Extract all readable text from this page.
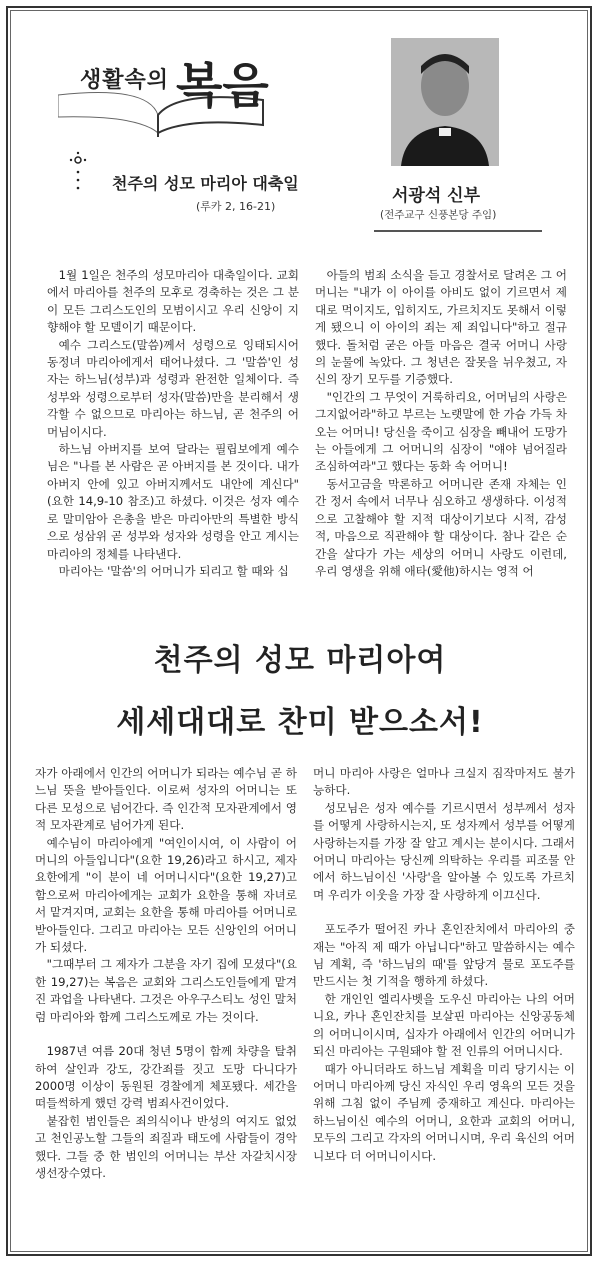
생활속의 복음
천주의 성모 마리아 대축일
(루카 2, 16-21)
서광석 신부
(전주교구 신풍본당 주임)

1월 1일은 천주의 성모마리아 대축일이다. 교회에서 마리아를 천주의 모후로 경축하는 것은 그 분이 모든 그리스도인의 모범이시고 우리 신앙이 지향해야 할 모델이기 때문이다.

예수 그리스도(말씀)께서 성령으로 잉태되시어 동정녀 마리아에게서 태어나셨다. 그 '말씀'인 성자는 하느님(성부)과 성령과 완전한 일체이다. 즉 성부와 성령으로부터 성자(말씀)만을 분리해서 생각할 수 없으므로 마리아는 하느님, 곧 천주의 어머님이시다.

하느님 아버지를 보여 달라는 필립보에게 예수님은 "나를 본 사람은 곧 아버지를 본 것이다. 내가 아버지 안에 있고 아버지께서도 내안에 계신다"(요한 14,9-10 참조)고 하셨다. 이것은 성자 예수로 말미암아 은총을 받은 마리아만의 특별한 방식으로 성삼위 곧 성부와 성자와 성령을 안고 계시는 마리아의 정체를 나타낸다.

마리아는 '말씀'의 어머니가 되리고 할 때와 십

아들의 범죄 소식을 듣고 경찰서로 달려온 그 어머니는 "내가 이 아이를 아비도 없이 기르면서 제대로 먹이지도, 입히지도, 가르치지도 못해서 이렇게 됐으니 이 아이의 죄는 제 죄입니다"하고 절규했다. 돌처럼 굳은 아들 마음은 결국 어머니 사랑의 눈물에 녹았다. 그 청년은 잘못을 뉘우쳤고, 자신의 장기 모두를 기증했다.

"인간의 그 무엇이 거룩하리요, 어머님의 사랑은 그지없어라"하고 부르는 노랫말에 한 가슴 가득 차오는 어머니! 당신을 죽이고 심장을 빼내어 도망가는 아들에게 그 어머니의 심장이 "얘야 넘어질라 조심하여라"고 했다는 동화 속 어머니!

동서고금을 막론하고 어머니란 존재 자체는 인간 정서 속에서 너무나 심오하고 생생하다. 이성적으로 고찰해야 할 지적 대상이기보다 시적, 감성적, 마음으로 직관해야 할 대상이다. 참나 같은 순간을 살다가 가는 세상의 어머니 사랑도 이런데, 우리 영생을 위해 애타(愛他)하시는 영적 어

천주의 성모 마리아여
세세대대로 찬미 받으소서!

자가 아래에서 인간의 어머니가 되라는 예수님 곧 하느님 뜻을 받아들인다. 이로써 성자의 어머니는 또 다른 모성으로 넘어간다. 즉 인간적 모자관계에서 영적 모자관계로 넘어가게 된다.

예수님이 마리아에게 "여인이시여, 이 사람이 어머니의 아들입니다"(요한 19,26)라고 하시고, 제자 요한에게 "이 분이 네 어머니시다"(요한 19,27)고 함으로써 마리아에게는 교회가 요한을 통해 자녀로서 맡겨지며, 교회는 요한을 통해 마리아를 어머니로 받아들인다. 그리고 마리아는 모든 신앙인의 어머니가 되셨다.

"그때부터 그 제자가 그분을 자기 집에 모셨다"(요한 19,27)는 복음은 교회와 그리스도인들에게 맡겨진 과업을 나타낸다. 그것은 아우구스티노 성인 말처럼 마리아와 함께 그리스도께로 가는 것이다.

1987년 여름 20대 청년 5명이 함께 차량을 탈취하여 살인과 강도, 강간죄를 짓고 도망 다니다가 2000명 이상이 동원된 경찰에게 체포됐다. 세간을 떠들썩하게 했던 강력 범죄사건이었다.

붙잡힌 범인들은 죄의식이나 반성의 여지도 없었고 천인공노할 그들의 죄질과 태도에 사람들이 경악했다. 그들 중 한 범인의 어머니는 부산 자갈치시장 생선장수였다.

머니 마리아 사랑은 얼마나 크실지 짐작마저도 불가능하다.

성모님은 성자 예수를 기르시면서 성부께서 성자를 어떻게 사랑하시는지, 또 성자께서 성부를 어떻게 사랑하는지를 가장 잘 알고 계시는 분이시다. 그래서 어머니 마리아는 당신께 의탁하는 우리를 피조물 안에서 하느님이신 '사랑'을 알아볼 수 있도록 가르치며 우리가 이웃을 가장 잘 사랑하게 이끄신다.

포도주가 떨어진 카나 혼인잔치에서 마리아의 중재는 "아직 제 때가 아닙니다"하고 말씀하시는 예수님 계획, 즉 '하느님의 때'를 앞당겨 물로 포도주를 만드시는 첫 기적을 행하게 하셨다.

한 개인인 엘리사벳을 도우신 마리아는 나의 어머니요, 카나 혼인잔치를 보살핀 마리아는 신앙공동체의 어머니이시며, 십자가 아래에서 인간의 어머니가 되신 마리아는 구원돼야 할 전 인류의 어머니시다.

때가 아니더라도 하느님 계획을 미리 당기시는 이 어머니 마리아께 당신 자식인 우리 영육의 모든 것을 위해 그침 없이 주님께 중재하고 계신다. 마리아는 하느님이신 예수의 어머니, 요한과 교회의 어머니, 모두의 그리고 각자의 어머니시며, 우리 육신의 어머니보다 더 어머니이시다.
